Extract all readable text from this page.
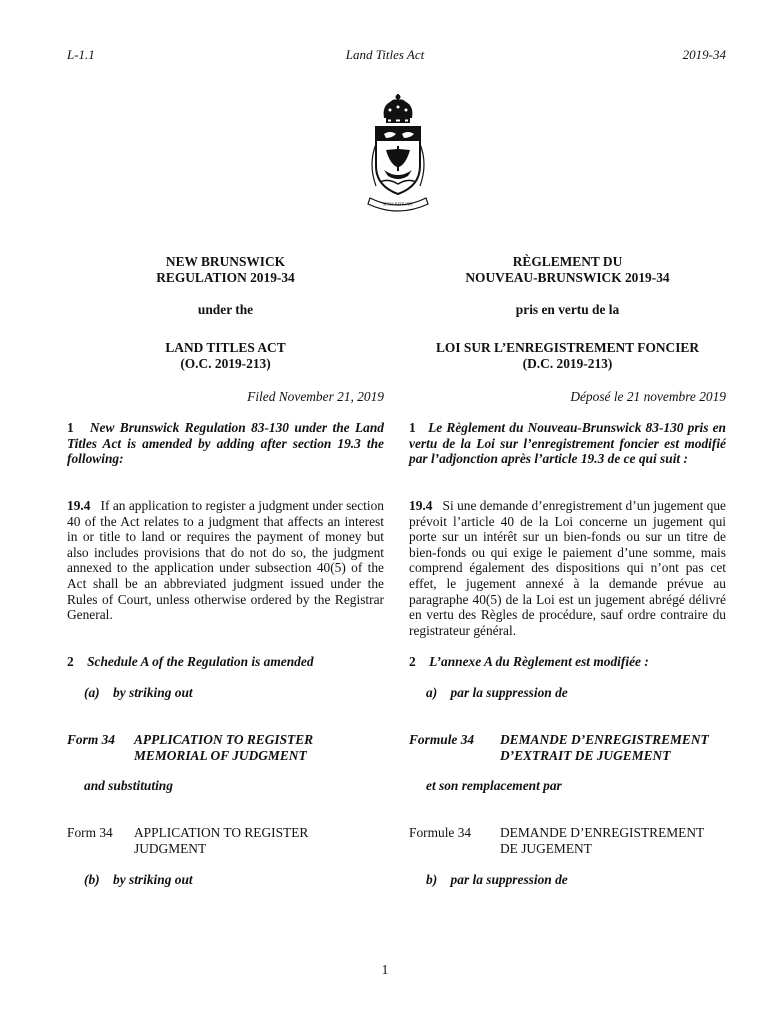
L-1.1	Land Titles Act	2019-34
SPEM REDUXIT
NEW BRUNSWICK
REGULATION 2019-34
under the
LAND TITLES ACT
(O.C. 2019-213)
Filed November 21, 2019
RÈGLEMENT DU
NOUVEAU-BRUNSWICK 2019-34
pris en vertu de la
LOI SUR L’ENREGISTREMENT FONCIER
(D.C. 2019-213)
Déposé le 21 novembre 2019
1 New Brunswick Regulation 83-130 under the Land Titles Act is amended by adding after section 19.3 the following:
1 Le Règlement du Nouveau-Brunswick 83-130 pris en vertu de la Loi sur l’enregistrement foncier est modifié par l’adjonction après l’article 19.3 de ce qui suit :
19.4 If an application to register a judgment under section 40 of the Act relates to a judgment that affects an interest in or title to land or requires the payment of money but also includes provisions that do not do so, the judgment annexed to the application under subsection 40(5) of the Act shall be an abbreviated judgment issued under the Rules of Court, unless otherwise ordered by the Registrar General.
19.4 Si une demande d’enregistrement d’un jugement que prévoit l’article 40 de la Loi concerne un jugement qui porte sur un intérêt sur un bien-fonds ou sur un titre de bien-fonds ou qui exige le paiement d’une somme, mais comprend également des dispositions qui n’ont pas cet effet, le jugement annexé à la demande prévue au paragraphe 40(5) de la Loi est un jugement abrégé délivré en vertu des Règles de procédure, sauf ordre contraire du registrateur général.
2 Schedule A of the Regulation is amended	2 L’annexe A du Règlement est modifiée :
(a) by striking out	a) par la suppression de
Form 34 APPLICATION TO REGISTER
MEMORIAL OF JUDGMENT
Formule 34 DEMANDE D’ENREGISTREMENT
D’EXTRAIT DE JUGEMENT
and substituting	et son remplacement par
Form 34 APPLICATION TO REGISTER
JUDGMENT
Formule 34 DEMANDE D’ENREGISTREMENT
DE JUGEMENT
(b) by striking out	b) par la suppression de
1
